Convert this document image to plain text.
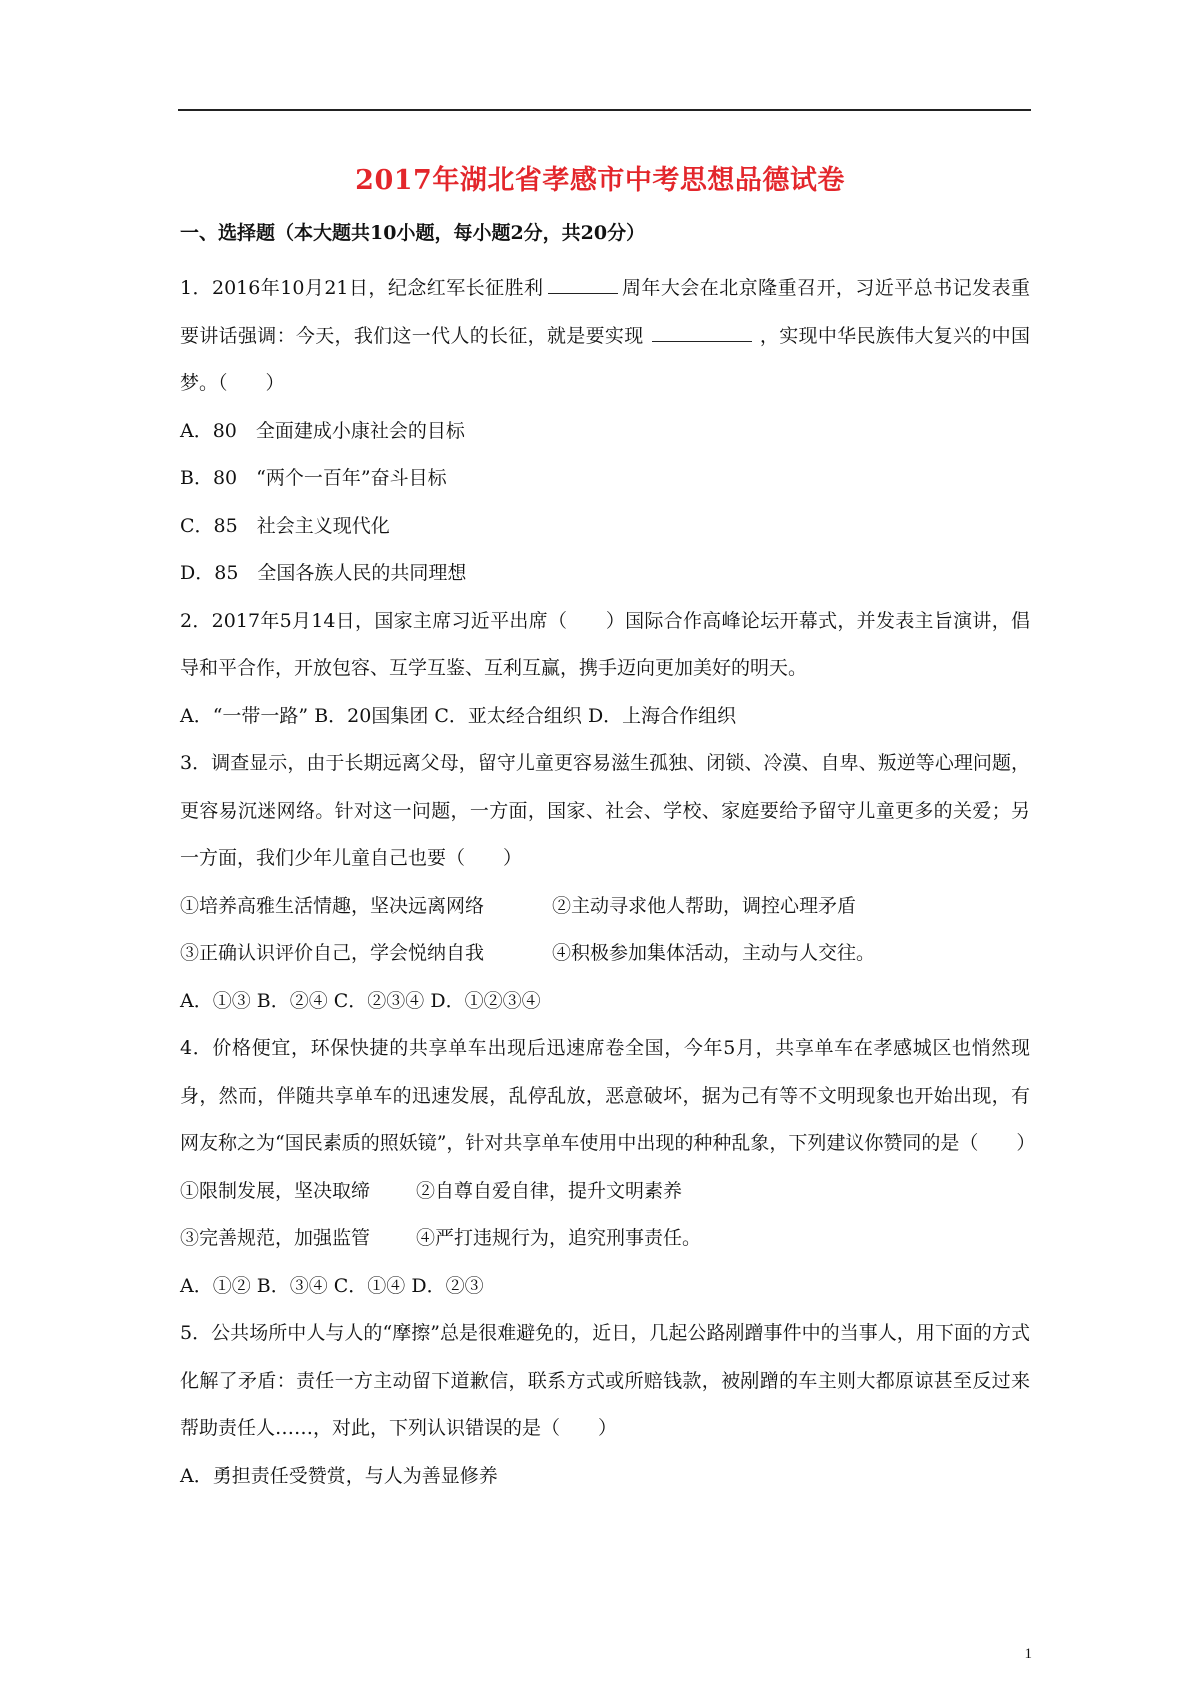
2017年湖北省孝感市中考思想品德试卷
一、选择题（本大题共10小题，每小题2分，共20分）
1．2016年10月21日，纪念红军长征胜利	周年大会在北京隆重召开，习近平总书记发表重要讲话强调：今天，我们这一代人的长征，就是要实现	，实现中华民族伟大复兴的中国梦。（　　）
A．80　全面建成小康社会的目标
B．80　“两个一百年”奋斗目标
C．85　社会主义现代化
D．85　全国各族人民的共同理想
2．2017年5月14日，国家主席习近平出席（　　）国际合作高峰论坛开幕式，并发表主旨演讲，倡导和平合作，开放包容、互学互鉴、互利互赢，携手迈向更加美好的明天。
A．“一带一路” B．20国集团 C．亚太经合组织 D．上海合作组织
3．调查显示，由于长期远离父母，留守儿童更容易滋生孤独、闭锁、冷漠、自卑、叛逆等心理问题，更容易沉迷网络。针对这一问题，一方面，国家、社会、学校、家庭要给予留守儿童更多的关爱；另一方面，我们少年儿童自己也要（　　）
①培养高雅生活情趣，坚决远离网络	②主动寻求他人帮助，调控心理矛盾
③正确认识评价自己，学会悦纳自我	④积极参加集体活动，主动与人交往。
A．①③ B．②④ C．②③④ D．①②③④
4．价格便宜，环保快捷的共享单车出现后迅速席卷全国，今年5月，共享单车在孝感城区也悄然现身，然而，伴随共享单车的迅速发展，乱停乱放，恶意破坏，据为己有等不文明现象也开始出现，有网友称之为“国民素质的照妖镜”，针对共享单车使用中出现的种种乱象，下列建议你赞同的是（　　）
①限制发展，坚决取缔 ②自尊自爱自律，提升文明素养
③完善规范，加强监管 ④严打违规行为，追究刑事责任。
A．①② B．③④ C．①④ D．②③
5．公共场所中人与人的“摩擦”总是很难避免的，近日，几起公路剐蹭事件中的当事人，用下面的方式化解了矛盾：责任一方主动留下道歉信，联系方式或所赔钱款，被剐蹭的车主则大都原谅甚至反过来帮助责任人……，对此，下列认识错误的是（　　）
A．勇担责任受赞赏，与人为善显修养
1
